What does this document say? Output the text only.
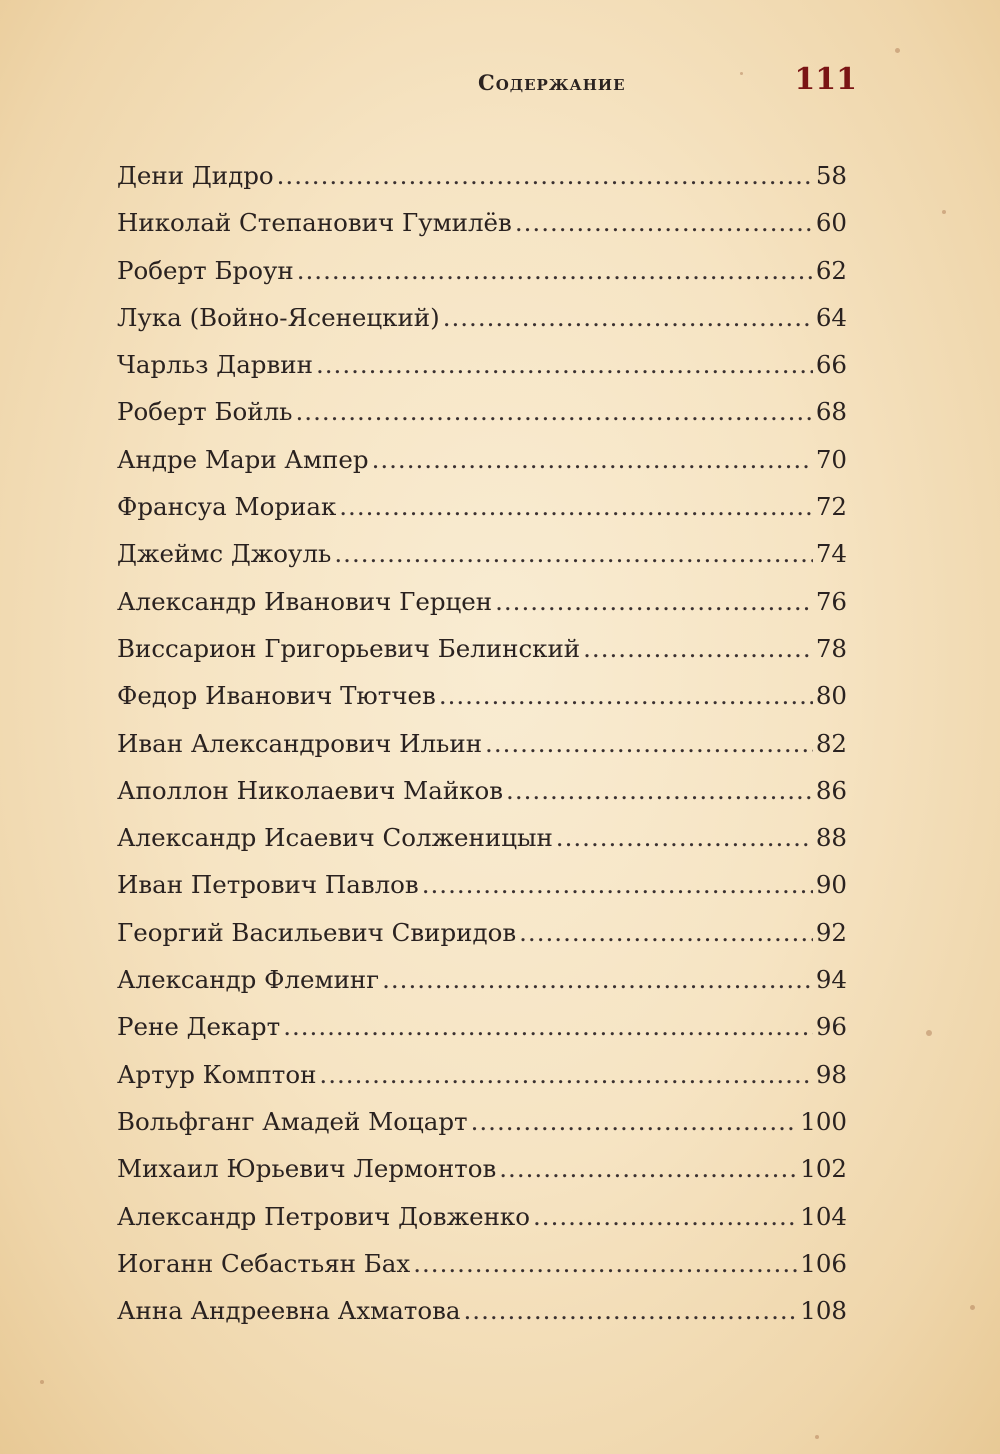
Содержание	111
Дени Дидро .....	58
Николай Степанович Гумилёв .....	60
Роберт Броун .....	62
Лука (Войно-Ясенецкий) .....	64
Чарльз Дарвин .....	66
Роберт Бойль .....	68
Андре Мари Ампер .....	70
Франсуа Мориак .....	72
Джеймс Джоуль .....	74
Александр Иванович Герцен .....	76
Виссарион Григорьевич Белинский .....	78
Федор Иванович Тютчев .....	80
Иван Александрович Ильин .....	82
Аполлон Николаевич Майков .....	86
Александр Исаевич Солженицын .....	88
Иван Петрович Павлов .....	90
Георгий Васильевич Свиридов .....	92
Александр Флеминг .....	94
Рене Декарт .....	96
Артур Комптон .....	98
Вольфганг Амадей Моцарт .....	100
Михаил Юрьевич Лермонтов .....	102
Александр Петрович Довженко .....	104
Иоганн Себастьян Бах .....	106
Анна Андреевна Ахматова .....	108
